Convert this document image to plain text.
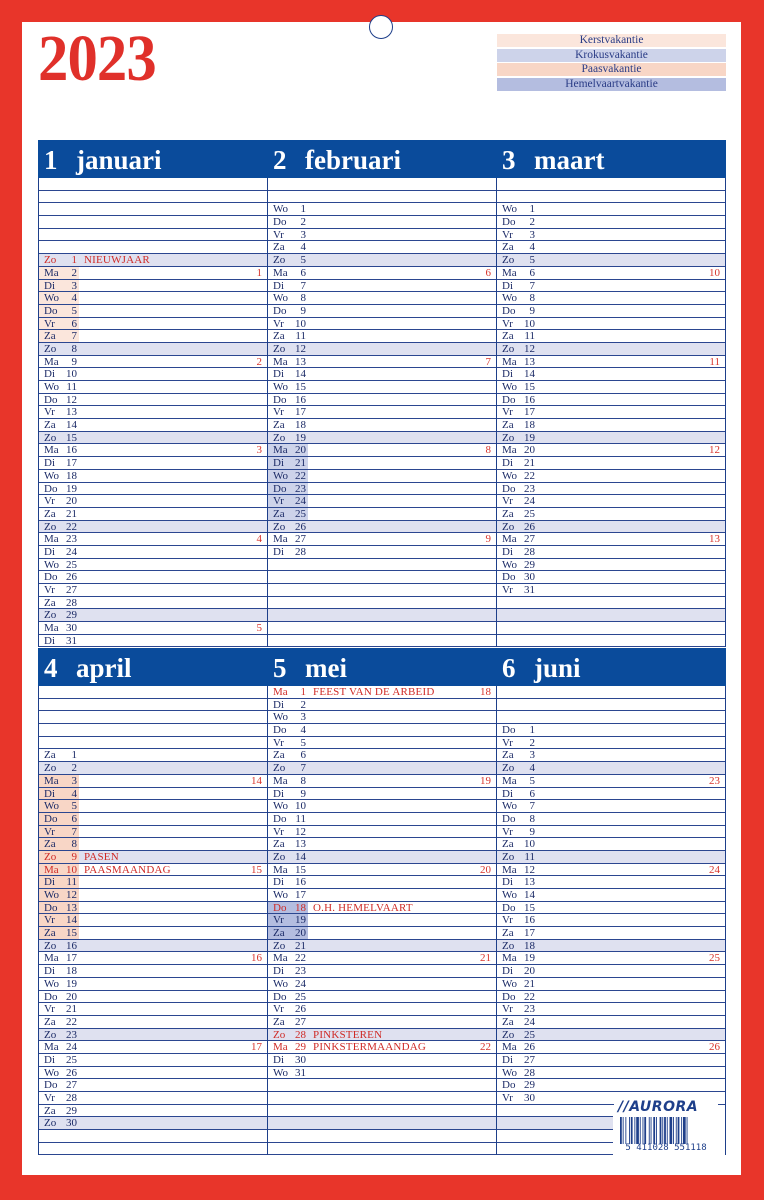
2023	Kerstvakantie
Krokusvakantie
Paasvakantie
Hemelvaartvakantie
1 januari
Zo	1 NIEUWJAAR
Ma	2	1
Di	3
Wo	4
Do	5
Vr	6
Za	7
Zo	8
Ma	9	2
Di	10
Wo 11
Do 12
Vr	13
Za 14
Zo 15
Ma 16	3
Di	17
Wo 18
Do 19
Vr	20
Za 21
Zo 22
Ma 23	4
Di	24
Wo 25
Do 26
Vr	27
Za 28
Zo 29
Ma 30	5
Di	31
2 februari
Wo	1
Do	2
Vr	3
Za	4
Zo	5
Ma	6	6
Di	7
Wo	8
Do	9
Vr	10
Za 11
Zo 12
Ma 13	7
Di	14
Wo 15
Do 16
Vr	17
Za 18
Zo 19
Ma 20	8
Di	21
Wo 22
Do 23
Vr	24
Za 25
Zo 26
Ma 27	9
Di	28
3 maart
Wo	1
Do	2
Vr	3
Za	4
Zo	5
Ma	6	10
Di	7
Wo	8
Do	9
Vr	10
Za 11
Zo 12
Ma 13	11
Di	14
Wo 15
Do 16
Vr	17
Za 18
Zo 19
Ma 20	12
Di	21
Wo 22
Do 23
Vr	24
Za 25
Zo 26
Ma 27	13
Di	28
Wo 29
Do 30
Vr	31
4 april
Za	1
Zo	2
Ma	3	14
Di	4
Wo	5
Do	6
Vr	7
Za	8
Zo	9 PASEN
Ma 10 PAASMAANDAG	15
Di	11
Wo 12
Do 13
Vr	14
Za 15
Zo 16
Ma 17	16
Di	18
Wo 19
Do 20
Vr	21
Za 22
Zo 23
Ma 24	17
Di	25
Wo 26
Do 27
Vr	28
Za 29
Zo 30
5 mei
Ma	1 FEEST VAN DE ARBEID	18
Di	2
Wo	3
Do	4
Vr	5
Za	6
Zo	7
Ma	8	19
Di	9
Wo 10
Do 11
Vr	12
Za 13
Zo 14
Ma 15	20
Di	16
Wo 17
Do 18 O.H. HEMELVAART
Vr	19
Za 20
Zo 21
Ma 22	21
Di	23
Wo 24
Do 25
Vr	26
Za 27
Zo 28 PINKSTEREN
Ma 29 PINKSTERMAANDAG	22
Di	30
Wo 31
6 juni
Do	1
Vr	2
Za	3
Zo	4
Ma	5	23
Di	6
Wo	7
Do	8
Vr	9
Za 10
Zo 11
Ma 12	24
Di	13
Wo 14
Do 15
Vr	16
Za 17
Zo 18
Ma 19	25
Di	20
Wo 21
Do 22
Vr	23
Za 24
Zo 25
Ma 26	26
Di	27
Wo 28
Do 29
Vr	30
//AURORA
5 411028 551118
